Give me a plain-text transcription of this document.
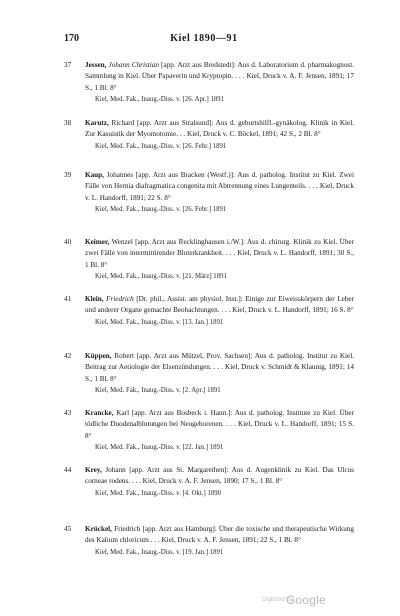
170	Kiel 1890—91
37	Jessen, Johann Christian [app. Arzt aus Bredstedt]: Aus d. Laboratorium d. pharmakognost. Sammlung in Kiel. Über Papaverin und Kryptopin. . . . Kiel, Druck v. A. F. Jensen, 1891; 17 S., 1 Bl. 8°
Kiel, Med. Fak., Inaug.-Diss. v. [26. Apr.] 1891
38	Karutz, Richard [app. Arzt aus Stralsund]: Aus d. geburtshilfl.-gynäkolog. Klinik in Kiel. Zur Kasuistik der Myomotomie. . . Kiel, Druck v. C. Böckel, 1891; 42 S., 2 Bl. 8°
Kiel, Med. Fak., Inaug.-Diss. v. [26. Febr.] 1891
39	Kaup, Johannes [app. Arzt aus Bracken (Westf.)]: Aus d. patholog. Institut zu Kiel. Zwei Fälle von Hernia diafragmatica congenita mit Abtrennung eines Lungenteils. . . . Kiel, Druck v. L. Handorff, 1891; 22 S. 8°
Kiel, Med. Fak., Inaug.-Diss. v. [26. Febr.] 1891
40	Keimer, Wenzel [app. Arzt aus Recklinghausen i./W.]: Aus d. chirurg. Klinik zu Kiel. Über zwei Fälle von intermittirender Bluterkrankheit. . . . Kiel, Druck v. L. Handorff, 1891; 30 S., 1 Bl. 8°
Kiel, Med. Fak., Inaug.-Diss. v. [21. März] 1891
41	Klein, Friedrich [Dr. phil., Assist. am physiol. Inst.]: Einige zur Eiweisskörpern der Leber und anderer Organe gemachte Beobachtungen. . . . Kiel, Druck v. L. Handorff, 1891; 16 S. 8°
Kiel, Med. Fak., Inaug.-Diss. v. [13. Jan.] 1891
42	Küppen, Robert [app. Arzt aus Mützel, Prov. Sachsen]: Aus d. patholog. Institut zu Kiel. Beitrag zur Aetiologie der Elsenzündungen. . . . Kiel, Druck v. Schmidt & Klaunig, 1891; 14 S., 1 Bl. 8°
Kiel, Med. Fak., Inaug.-Diss. v. [2. Apr.] 1891
43	Krancke, Karl [app. Arzt aus Bosbeck i. Hann.]: Aus d. patholog. Institute zu Kiel. Über tödliche Duodenalblutungen bei Neugeborenen. . . . Kiel, Druck v. L. Handorff, 1891; 15 S. 8°
Kiel, Med. Fak., Inaug.-Diss. v. [22. Jan.] 1891
44	Krey, Johann [app. Arzt aus St. Margarethen]: Aus d. Augenklinik zu Kiel. Das Ulcus corneae rodens. . . . Kiel, Druck v. A. F. Jensen, 1890; 17 S., 1 Bl. 8°
Kiel, Med. Fak., Inaug.-Diss. v. [4. Okt.] 1890
45	Krückel, Friedrich [app. Arzt aus Hamburg]: Über die toxische und therapeutische Wirkung des Kalium chloricum . . . Kiel, Druck v. A. F. Jensen, 1891; 22 S., 1 Bl. 8°
Kiel, Med. Fak., Inaug.-Diss. v. [19. Jan.] 1891
Digitized by
Google
